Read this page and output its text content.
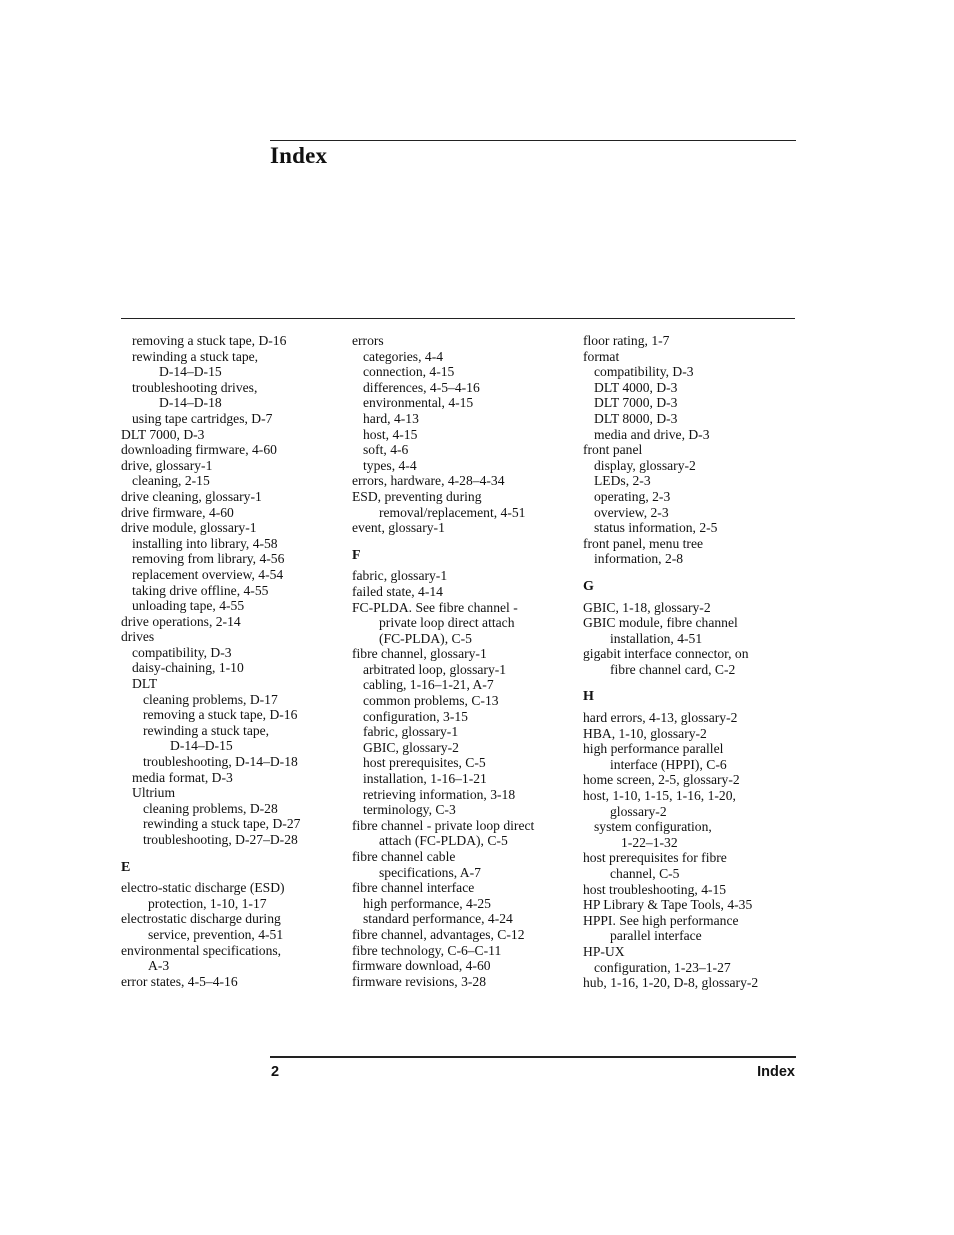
Index
removing a stuck tape, D-16
rewinding a stuck tape,
D-14–D-15
troubleshooting drives,
D-14–D-18
using tape cartridges, D-7
DLT 7000, D-3
downloading firmware, 4-60
drive, glossary-1
cleaning, 2-15
drive cleaning, glossary-1
drive firmware, 4-60
drive module, glossary-1
installing into library, 4-58
removing from library, 4-56
replacement overview, 4-54
taking drive offline, 4-55
unloading tape, 4-55
drive operations, 2-14
drives
compatibility, D-3
daisy-chaining, 1-10
DLT
cleaning problems, D-17
removing a stuck tape, D-16
rewinding a stuck tape,
D-14–D-15
troubleshooting, D-14–D-18
media format, D-3
Ultrium
cleaning problems, D-28
rewinding a stuck tape, D-27
troubleshooting, D-27–D-28
E
electro-static discharge (ESD)
protection, 1-10, 1-17
electrostatic discharge during
service, prevention, 4-51
environmental specifications,
A-3
error states, 4-5–4-16
errors
categories, 4-4
connection, 4-15
differences, 4-5–4-16
environmental, 4-15
hard, 4-13
host, 4-15
soft, 4-6
types, 4-4
errors, hardware, 4-28–4-34
ESD, preventing during
removal/replacement, 4-51
event, glossary-1
F
fabric, glossary-1
failed state, 4-14
FC-PLDA. See fibre channel -
private loop direct attach
(FC-PLDA), C-5
fibre channel, glossary-1
arbitrated loop, glossary-1
cabling, 1-16–1-21, A-7
common problems, C-13
configuration, 3-15
fabric, glossary-1
GBIC, glossary-2
host prerequisites, C-5
installation, 1-16–1-21
retrieving information, 3-18
terminology, C-3
fibre channel - private loop direct
attach (FC-PLDA), C-5
fibre channel cable
specifications, A-7
fibre channel interface
high performance, 4-25
standard performance, 4-24
fibre channel, advantages, C-12
fibre technology, C-6–C-11
firmware download, 4-60
firmware revisions, 3-28
floor rating, 1-7
format
compatibility, D-3
DLT 4000, D-3
DLT 7000, D-3
DLT 8000, D-3
media and drive, D-3
front panel
display, glossary-2
LEDs, 2-3
operating, 2-3
overview, 2-3
status information, 2-5
front panel, menu tree
information, 2-8
G
GBIC, 1-18, glossary-2
GBIC module, fibre channel
installation, 4-51
gigabit interface connector, on
fibre channel card, C-2
H
hard errors, 4-13, glossary-2
HBA, 1-10, glossary-2
high performance parallel
interface (HPPI), C-6
home screen, 2-5, glossary-2
host, 1-10, 1-15, 1-16, 1-20,
glossary-2
system configuration,
1-22–1-32
host prerequisites for fibre
channel, C-5
host troubleshooting, 4-15
HP Library & Tape Tools, 4-35
HPPI. See high performance
parallel interface
HP-UX
configuration, 1-23–1-27
hub, 1-16, 1-20, D-8, glossary-2
2	Index
